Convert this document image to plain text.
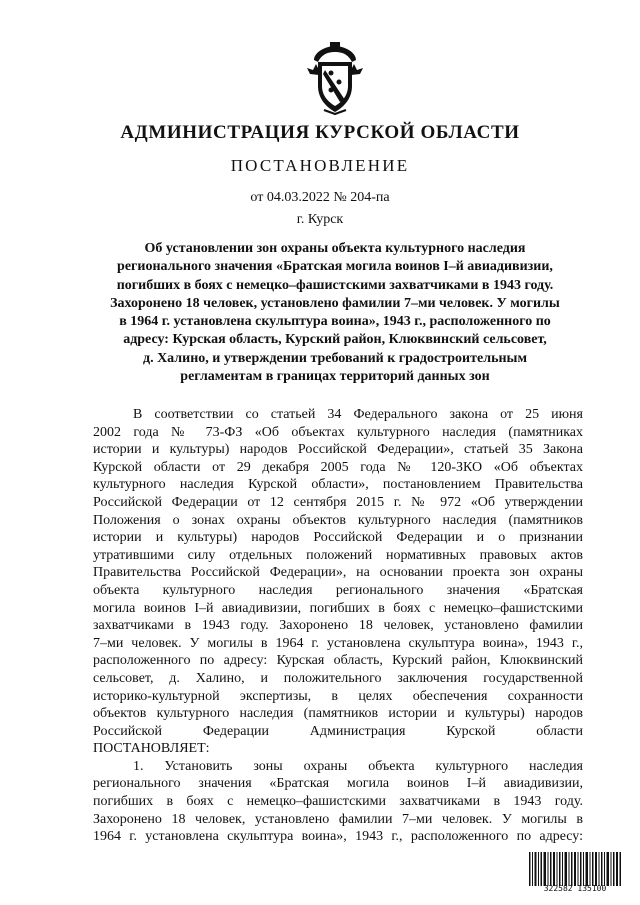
АДМИНИСТРАЦИЯ КУРСКОЙ ОБЛАСТИ
ПОСТАНОВЛЕНИЕ
от 04.03.2022 № 204-па
г. Курск
Об установлении зон охраны объекта культурного наследия
регионального значения «Братская могила воинов I–й авиадивизии,
погибших в боях с немецко–фашистскими захватчиками в 1943 году.
Захоронено 18 человек, установлено фамилии 7–ми человек. У могилы
в 1964 г. установлена скульптура воина», 1943 г., расположенного по
адресу: Курская область, Курский район, Клюквинский сельсовет,
д. Халино, и утверждении требований к градостроительным
регламентам в границах территорий данных зон
В соответствии со статьей 34 Федерального закона от 25 июня
2002 года № 73-ФЗ «Об объектах культурного наследия (памятниках
истории и культуры) народов Российской Федерации», статьей 35 Закона
Курской области от 29 декабря 2005 года № 120-ЗКО «Об объектах
культурного наследия Курской области», постановлением Правительства
Российской Федерации от 12 сентября 2015 г. № 972 «Об утверждении
Положения о зонах охраны объектов культурного наследия (памятников
истории и культуры) народов Российской Федерации и о признании
утратившими силу отдельных положений нормативных правовых актов
Правительства Российской Федерации», на основании проекта зон охраны
объекта культурного наследия регионального значения «Братская
могила воинов I–й авиадивизии, погибших в боях с немецко–фашистскими
захватчиками в 1943 году. Захоронено 18 человек, установлено фамилии
7–ми человек. У могилы в 1964 г. установлена скульптура воина», 1943 г.,
расположенного по адресу: Курская область, Курский район, Клюквинский
сельсовет, д. Халино, и положительного заключения государственной
историко-культурной экспертизы, в целях обеспечения сохранности
объектов культурного наследия (памятников истории и культуры) народов
Российской Федерации Администрация Курской области
ПОСТАНОВЛЯЕТ:
1. Установить зоны охраны объекта культурного наследия
регионального значения «Братская могила воинов I–й авиадивизии,
погибших в боях с немецко–фашистскими захватчиками в 1943 году.
Захоронено 18 человек, установлено фамилии 7–ми человек. У могилы в
1964 г. установлена скульптура воина», 1943 г., расположенного по адресу:
322582 135100
